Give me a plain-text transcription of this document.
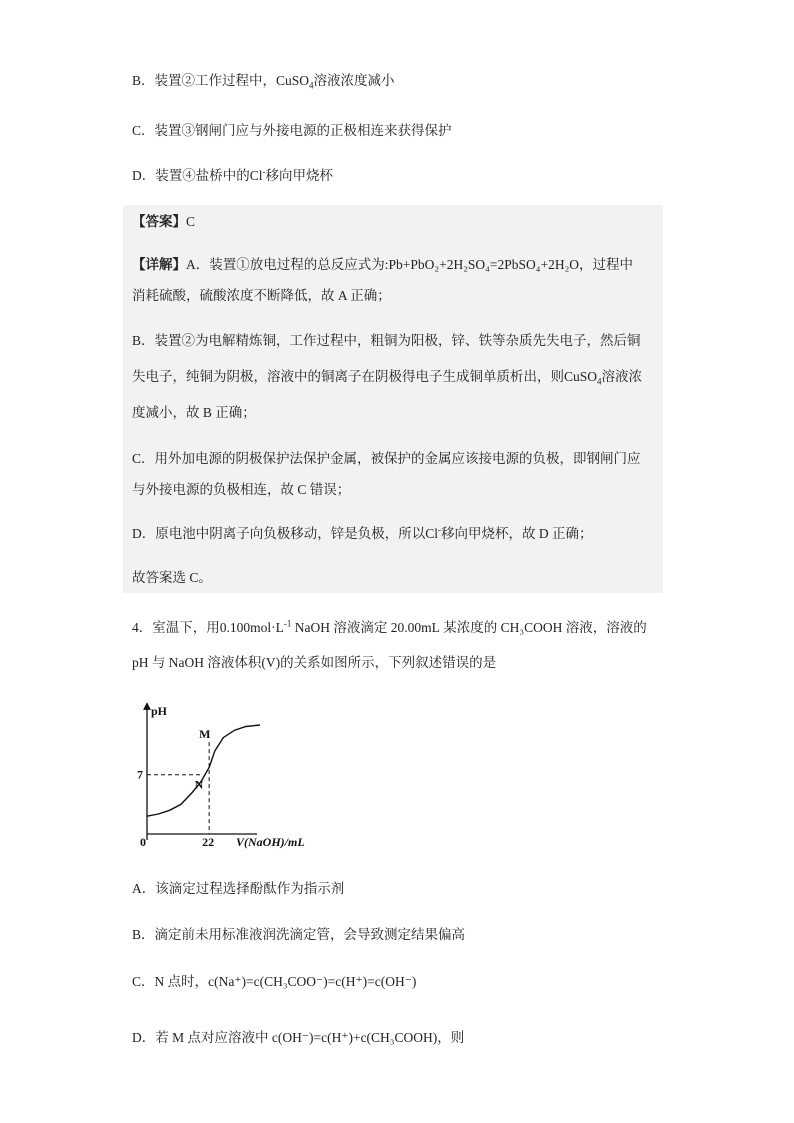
B．装置②工作过程中，CuSO$_4$溶液浓度减小
C．装置③钢闸门应与外接电源的正极相连来获得保护
D．装置④盐桥中的Cl-移向甲烧杯
【答案】C
【详解】A．装置①放电过程的总反应式为:Pb+PbO₂+2H₂SO₄=2PbSO₄+2H₂O，过程中
消耗硫酸，硫酸浓度不断降低，故 A 正确；
B．装置②为电解精炼铜，工作过程中，粗铜为阳极，锌、铁等杂质先失电子，然后铜
失电子，纯铜为阴极，溶液中的铜离子在阴极得电子生成铜单质析出，则CuSO$_4$溶液浓
度减小，故 B 正确；
C．用外加电源的阴极保护法保护金属，被保护的金属应该接电源的负极，即钢闸门应
与外接电源的负极相连，故 C 错误；
D．原电池中阴离子向负极移动，锌是负极，所以Cl-移向甲烧杯，故 D 正确；
故答案选 C。
4．室温下，用$0.100mol\cdot L^{-1}$ NaOH 溶液滴定 20.00mL 某浓度的 CH₃COOH 溶液，溶液的
pH 与 NaOH 溶液体积(V)的关系如图所示，下列叙述错误的是
pH
V(NaOH)/mL
0	22
7
M
N
A．该滴定过程选择酚酞作为指示剂
B．滴定前未用标准液润洗滴定管，会导致测定结果偏高
C．N 点时，c(Na⁺)=c(CH₃COO⁻)=c(H⁺)=c(OH⁻)
D．若 M 点对应溶液中 c(OH⁻)=c(H⁺)+c(CH₃COOH)，则
